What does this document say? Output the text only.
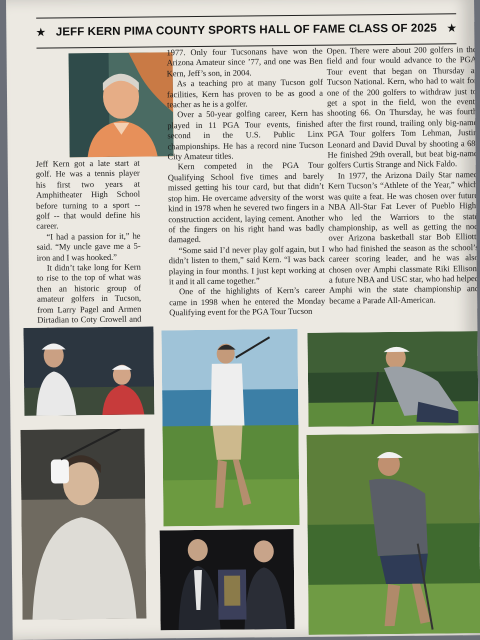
★ JEFF KERN PIMA COUNTY SPORTS HALL OF FAME CLASS OF 2025 ★

Jeff Kern got a late start at golf. He was a tennis player his first two years at Amphitheater High School before turning to a sport -- golf -- that would define his career.

“I had a passion for it,” he said. “My uncle gave me a 5-iron and I was hooked.”

It didn’t take long for Kern to rise to the top of what was then an historic group of amateur golfers in Tucson, from Larry Pagel and Armen Dirtadian to Coty Crowell and

1977. Only four Tucsonans have won the Arizona Amateur since ’77, and one was Ben Kern, Jeff’s son, in 2004.

As a teaching pro at many Tucson golf facilities, Kern has proven to be as good a teacher as he is a golfer.

Over a 50-year golfing career, Kern has played in 11 PGA Tour events, finished second in the U.S. Public Linx championships. He has a record nine Tucson City Amateur titles.

Kern competed in the PGA Tour Qualifying School five times and barely missed getting his tour card, but that didn’t stop him. He overcame adversity of the worst kind in 1978 when he severed two fingers in a construction accident, laying cement. Another of the fingers on his right hand was badly damaged.

“Some said I’d never play golf again, but I didn’t listen to them,” said Kern. “I was back playing in four months. I just kept working at it and it all came together.”

One of the highlights of Kern’s career came in 1998 when he entered the Monday Qualifying event for the PGA Tour Tucson

Open. There were about 200 golfers in the field and four would advance to the PGA Tour event that began on Thursday at Tucson National. Kern, who had to wait for one of the 200 golfers to withdraw just to get a spot in the field, won the event, shooting 66. On Thursday, he was fourth after the first round, trailing only big-name PGA Tour golfers Tom Lehman, Justin Leonard and David Duval by shooting a 68. He finished 29th overall, but beat big-name golfers Curtis Strange and Nick Faldo.

In 1977, the Arizona Daily Star named Kern Tucson’s “Athlete of the Year,” which was quite a feat. He was chosen over future NBA All-Star Fat Lever of Pueblo High, who led the Warriors to the state championship, as well as getting the nod over Arizona basketball star Bob Elliott, who had finished the season as the school’s career scoring leader, and he was also chosen over Amphi classmate Riki Ellison, a future NBA and USC star, who had helped Amphi win the state championship and became a Parade All-American.
